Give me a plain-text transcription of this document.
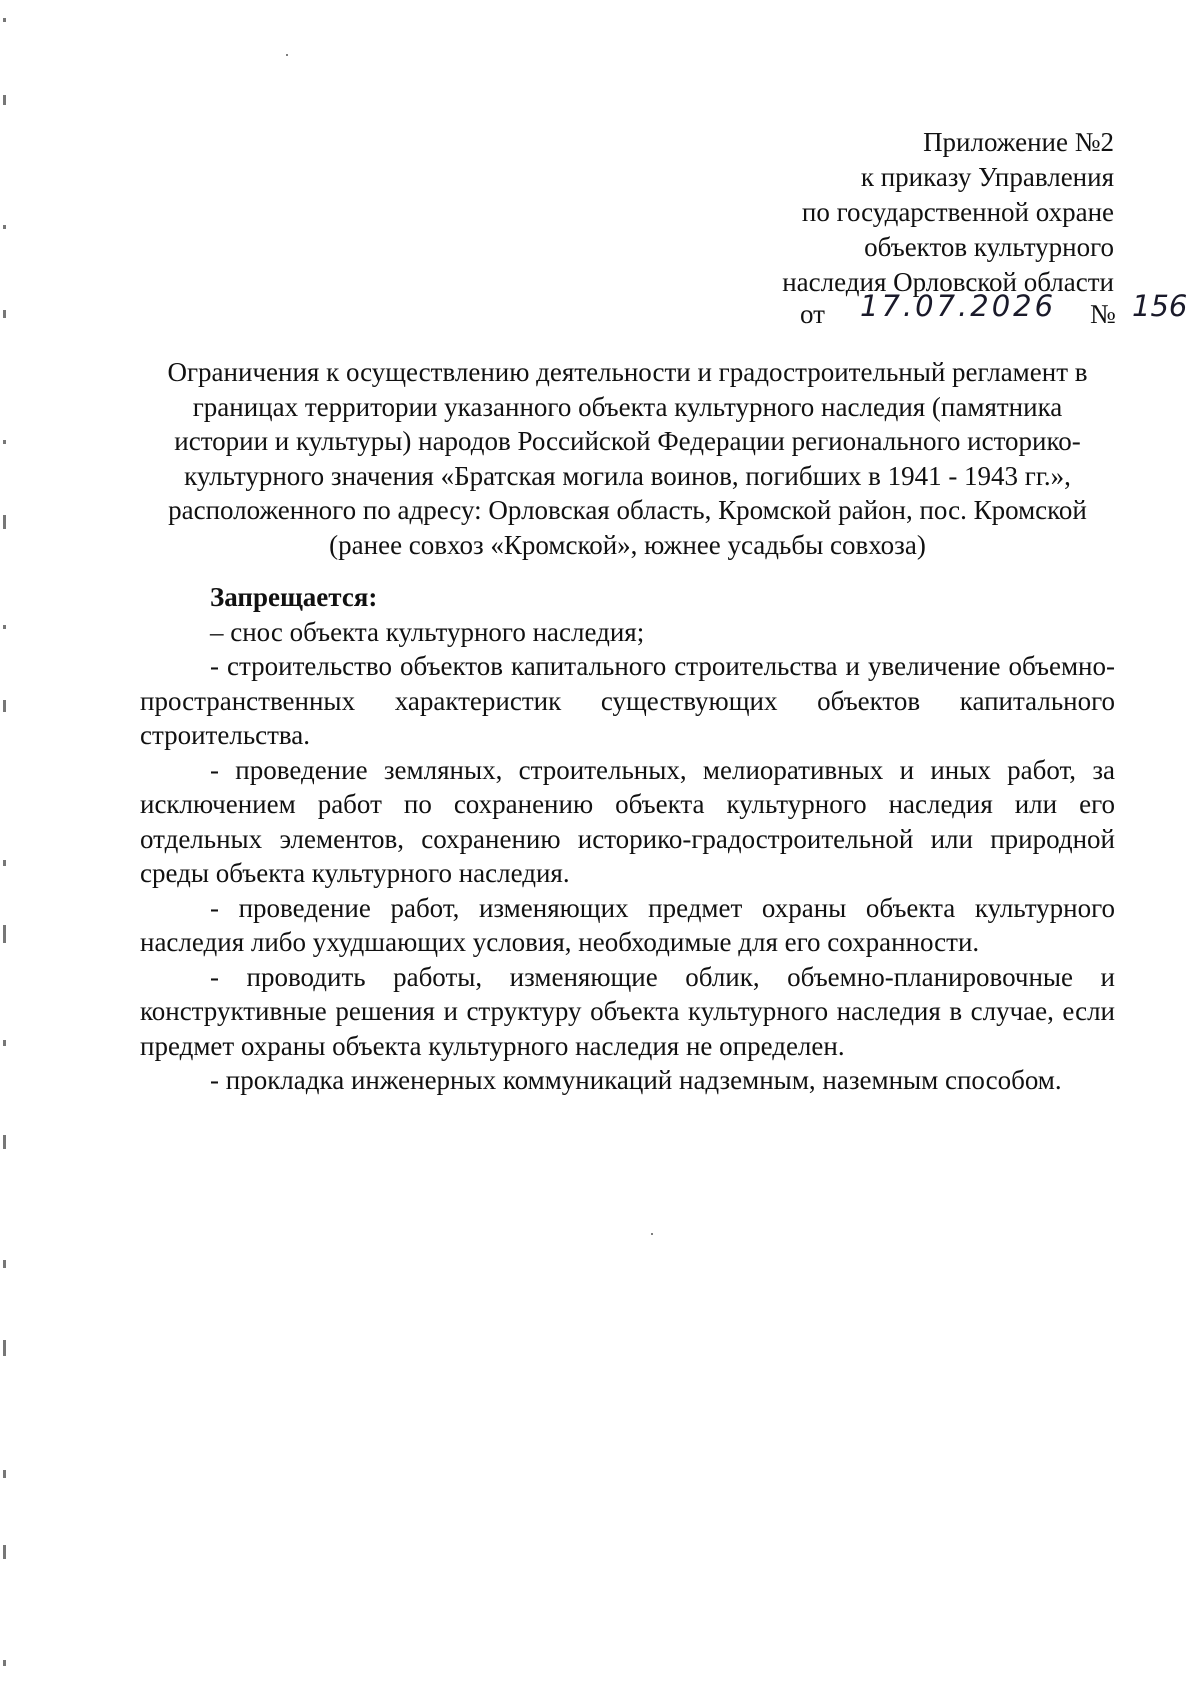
Приложение №2
к приказу Управления
по государственной охране
объектов культурного
наследия Орловской области
от 17.07.2026 № 156
Ограничения к осуществлению деятельности и градостроительный регламент в
границах территории указанного объекта культурного наследия (памятника
истории и культуры) народов Российской Федерации регионального историко-
культурного значения «Братская могила воинов, погибших в 1941 - 1943 гг.»,
расположенного по адресу: Орловская область, Кромской район, пос. Кромской
(ранее совхоз «Кромской», южнее усадьбы совхоза)
Запрещается:

– снос объекта культурного наследия;

- строительство объектов капитального строительства и увеличение объемно-пространственных характеристик существующих объектов капитального строительства.

- проведение земляных, строительных, мелиоративных и иных работ, за исключением работ по сохранению объекта культурного наследия или его отдельных элементов, сохранению историко-градостроительной или природной среды объекта культурного наследия.

- проведение работ, изменяющих предмет охраны объекта культурного наследия либо ухудшающих условия, необходимые для его сохранности.

- проводить работы, изменяющие облик, объемно-планировочные и конструктивные решения и структуру объекта культурного наследия в случае, если предмет охраны объекта культурного наследия не определен.

- прокладка инженерных коммуникаций надземным, наземным способом.
